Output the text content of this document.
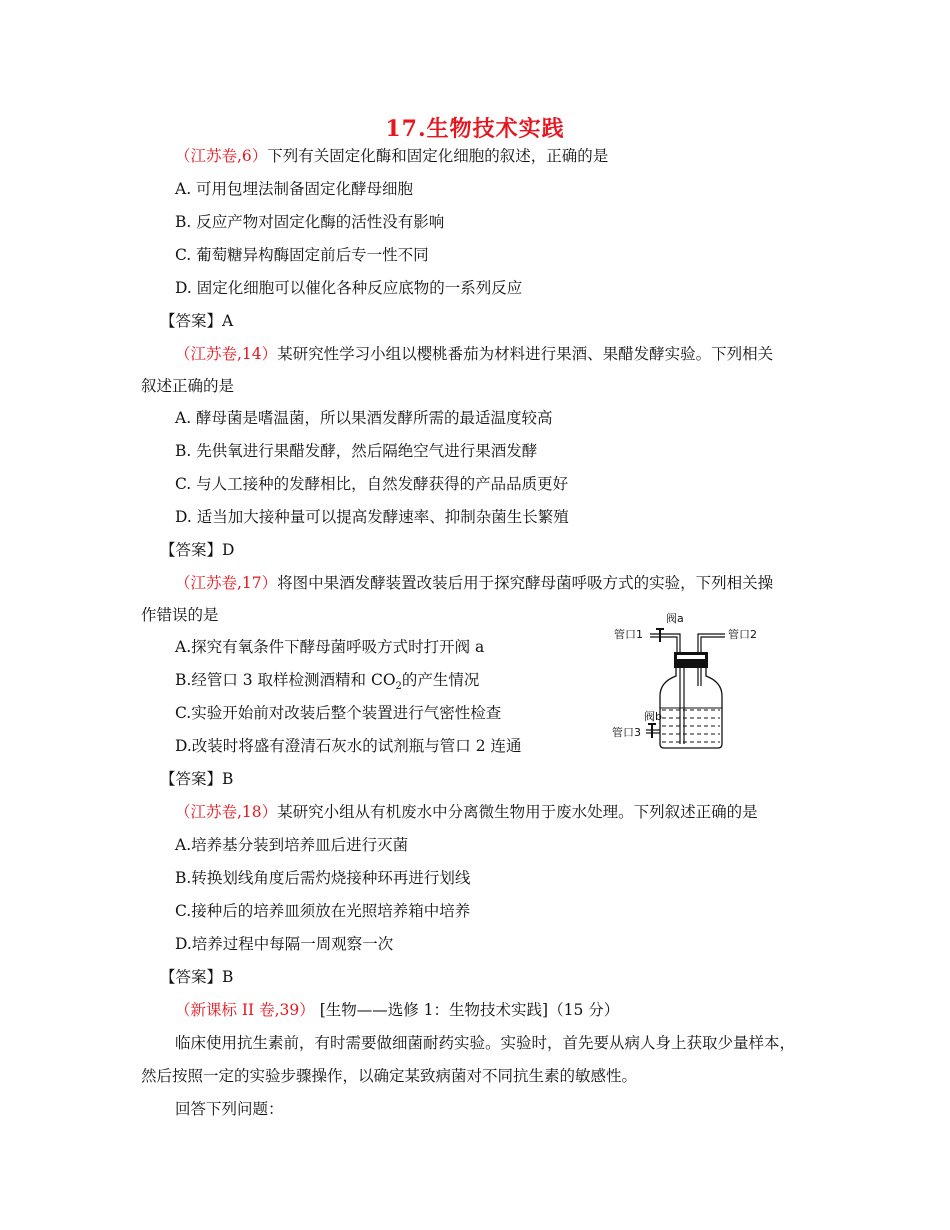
17.生物技术实践
（江苏卷,6）下列有关固定化酶和固定化细胞的叙述，正确的是
A. 可用包埋法制备固定化酵母细胞
B. 反应产物对固定化酶的活性没有影响
C. 葡萄糖异构酶固定前后专一性不同
D. 固定化细胞可以催化各种反应底物的一系列反应
【答案】A
（江苏卷,14）某研究性学习小组以樱桃番茄为材料进行果酒、果醋发酵实验。下列相关
叙述正确的是
A. 酵母菌是嗜温菌，所以果酒发酵所需的最适温度较高
B. 先供氧进行果醋发酵，然后隔绝空气进行果酒发酵
C. 与人工接种的发酵相比，自然发酵获得的产品品质更好
D. 适当加大接种量可以提高发酵速率、抑制杂菌生长繁殖
【答案】D
（江苏卷,17）将图中果酒发酵装置改装后用于探究酵母菌呼吸方式的实验，下列相关操
作错误的是
A.探究有氧条件下酵母菌呼吸方式时打开阀 a
B.经管口 3 取样检测酒精和 $CO_2$的产生情况
C.实验开始前对改装后整个装置进行气密性检查
D.改装时将盛有澄清石灰水的试剂瓶与管口 2 连通
【答案】B
阀a
管口1	管口2
阀b
管口3
（江苏卷,18）某研究小组从有机废水中分离微生物用于废水处理。下列叙述正确的是
A.培养基分装到培养皿后进行灭菌
B.转换划线角度后需灼烧接种环再进行划线
C.接种后的培养皿须放在光照培养箱中培养
D.培养过程中每隔一周观察一次
【答案】B
（新课标 II 卷,39） [生物——选修 1：生物技术实践]（15 分）
临床使用抗生素前，有时需要做细菌耐药实验。实验时，首先要从病人身上获取少量样本，
然后按照一定的实验步骤操作，以确定某致病菌对不同抗生素的敏感性。
回答下列问题：
